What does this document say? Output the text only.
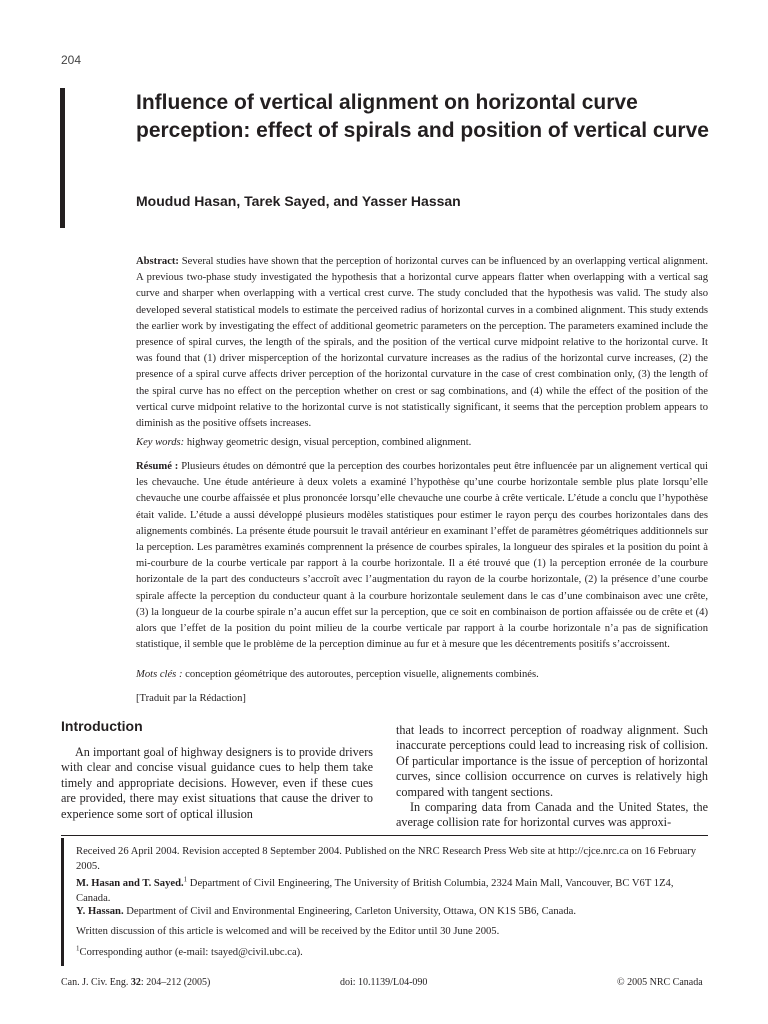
204
Influence of vertical alignment on horizontal curve perception: effect of spirals and position of vertical curve
Moudud Hasan, Tarek Sayed, and Yasser Hassan
Abstract: Several studies have shown that the perception of horizontal curves can be influenced by an overlapping vertical alignment. A previous two-phase study investigated the hypothesis that a horizontal curve appears flatter when overlapping with a vertical sag curve and sharper when overlapping with a vertical crest curve. The study concluded that the hypothesis was valid. The study also developed several statistical models to estimate the perceived radius of horizontal curves in a combined alignment. This study extends the earlier work by investigating the effect of additional geometric parameters on the perception. The parameters examined include the presence of spiral curves, the length of the spirals, and the position of the vertical curve midpoint relative to the horizontal curve. It was found that (1) driver misperception of the horizontal curvature increases as the radius of the horizontal curve increases, (2) the presence of a spiral curve affects driver perception of the horizontal curvature in the case of crest combination only, (3) the length of the spiral curve has no effect on the perception whether on crest or sag combinations, and (4) while the effect of the position of the vertical curve midpoint relative to the horizontal curve is not statistically significant, it seems that the perception problem appears to diminish as the positive offsets increases.
Key words: highway geometric design, visual perception, combined alignment.
Résumé : Plusieurs études on démontré que la perception des courbes horizontales peut être influencée par un alignement vertical qui les chevauche. Une étude antérieure à deux volets a examiné l’hypothèse qu’une courbe horizontale semble plus plate lorsqu’elle chevauche une courbe affaissée et plus prononcée lorsqu’elle chevauche une courbe à crête verticale. L’étude a conclu que l’hypothèse était valide. L’étude a aussi développé plusieurs modèles statistiques pour estimer le rayon perçu des courbes horizontales dans des alignements combinés. La présente étude poursuit le travail antérieur en examinant l’effet de paramètres géométriques additionnels sur la perception. Les paramètres examinés comprennent la présence de courbes spirales, la longueur des spirales et la position du point à mi-courbure de la courbe verticale par rapport à la courbe horizontale. Il a été trouvé que (1) la perception erronée de la courbure horizontale de la part des conducteurs s’accroît avec l’augmentation du rayon de la courbe horizontale, (2) la présence d’une courbe spirale affecte la perception du conducteur quant à la courbure horizontale seulement dans le cas d’une combinaison avec une crête, (3) la longueur de la courbe spirale n’a aucun effet sur la perception, que ce soit en combinaison de portion affaissée ou de crête et (4) alors que l’effet de la position du point milieu de la courbe verticale par rapport à la courbe horizontale n’a pas de signification statistique, il semble que le problème de la perception diminue au fur et à mesure que les décentrements positifs s’accroissent.
Mots clés : conception géométrique des autoroutes, perception visuelle, alignements combinés.
[Traduit par la Rédaction]
Introduction
An important goal of highway designers is to provide drivers with clear and concise visual guidance cues to help them take timely and appropriate decisions. However, even if these cues are provided, there may exist situations that cause the driver to experience some sort of optical illusion

that leads to incorrect perception of roadway alignment. Such inaccurate perceptions could lead to increasing risk of collision. Of particular importance is the issue of perception of horizontal curves, since collision occurrence on curves is relatively high compared with tangent sections.

In comparing data from Canada and the United States, the average collision rate for horizontal curves was approxi-

Received 26 April 2004. Revision accepted 8 September 2004. Published on the NRC Research Press Web site at http://cjce.nrc.ca on 16 February 2005.
M. Hasan and T. Sayed.$^1$ Department of Civil Engineering, The University of British Columbia, 2324 Main Mall, Vancouver, BC V6T 1Z4, Canada.
Y. Hassan. Department of Civil and Environmental Engineering, Carleton University, Ottawa, ON K1S 5B6, Canada.
Written discussion of this article is welcomed and will be received by the Editor until 30 June 2005.
$^1$Corresponding author (e-mail: tsayed@civil.ubc.ca).
Can. J. Civ. Eng. 32: 204–212 (2005)	doi: 10.1139/L04-090	© 2005 NRC Canada
